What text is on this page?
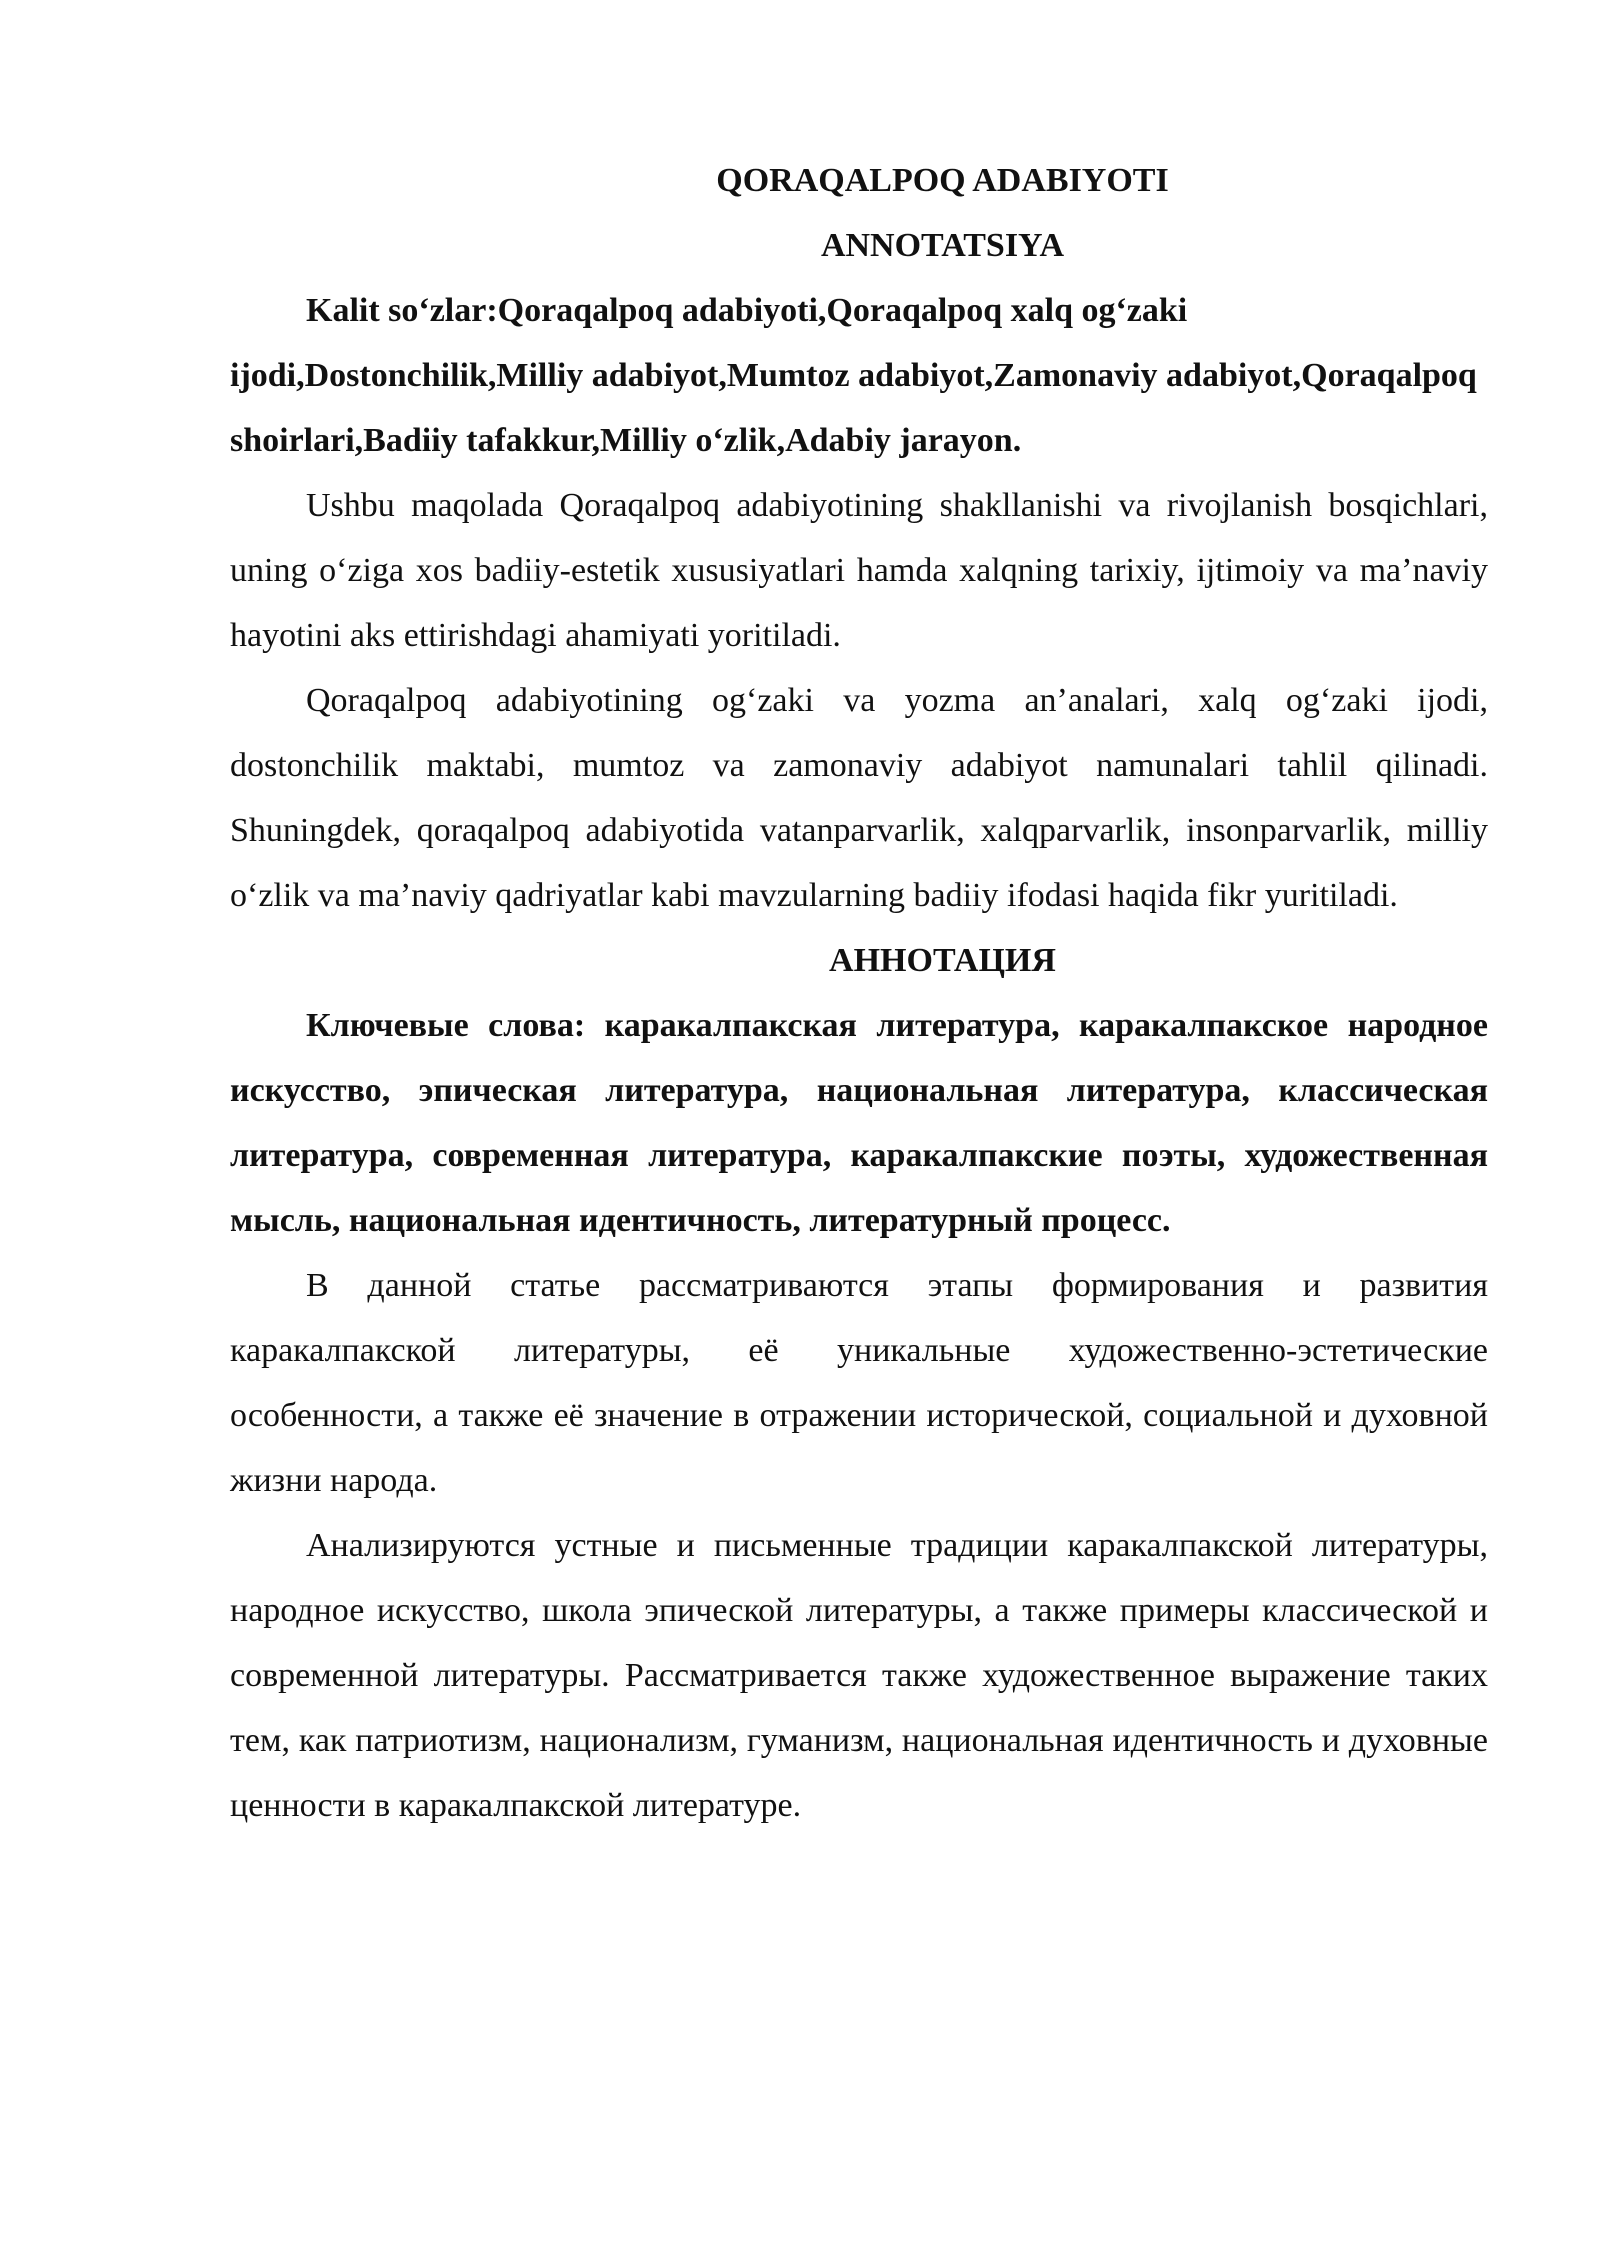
QORAQALPOQ ADABIYOTI
ANNOTATSIYA

Kalit so‘zlar:Qoraqalpoq adabiyoti,Qoraqalpoq xalq og‘zaki ijodi,Dostonchilik,Milliy adabiyot,Mumtoz adabiyot,Zamonaviy adabiyot,Qoraqalpoq shoirlari,Badiiy tafakkur,Milliy o‘zlik,Adabiy jarayon.

Ushbu maqolada Qoraqalpoq adabiyotining shakllanishi va rivojlanish bosqichlari, uning o‘ziga xos badiiy-estetik xususiyatlari hamda xalqning tarixiy, ijtimoiy va ma’naviy hayotini aks ettirishdagi ahamiyati yoritiladi.

Qoraqalpoq adabiyotining og‘zaki va yozma an’analari, xalq og‘zaki ijodi, dostonchilik maktabi, mumtoz va zamonaviy adabiyot namunalari tahlil qilinadi. Shuningdek, qoraqalpoq adabiyotida vatanparvarlik, xalqparvarlik, insonparvarlik, milliy o‘zlik va ma’naviy qadriyatlar kabi mavzularning badiiy ifodasi haqida fikr yuritiladi.

АННОТАЦИЯ

Ключевые слова: каракалпакская литература, каракалпакское народное искусство, эпическая литература, национальная литература, классическая литература, современная литература, каракалпакские поэты, художественная мысль, национальная идентичность, литературный процесс.

В данной статье рассматриваются этапы формирования и развития каракалпакской литературы, её уникальные художественно-эстетические особенности, а также её значение в отражении исторической, социальной и духовной жизни народа.

Анализируются устные и письменные традиции каракалпакской литературы, народное искусство, школа эпической литературы, а также примеры классической и современной литературы. Рассматривается также художественное выражение таких тем, как патриотизм, национализм, гуманизм, национальная идентичность и духовные ценности в каракалпакской литературе.
